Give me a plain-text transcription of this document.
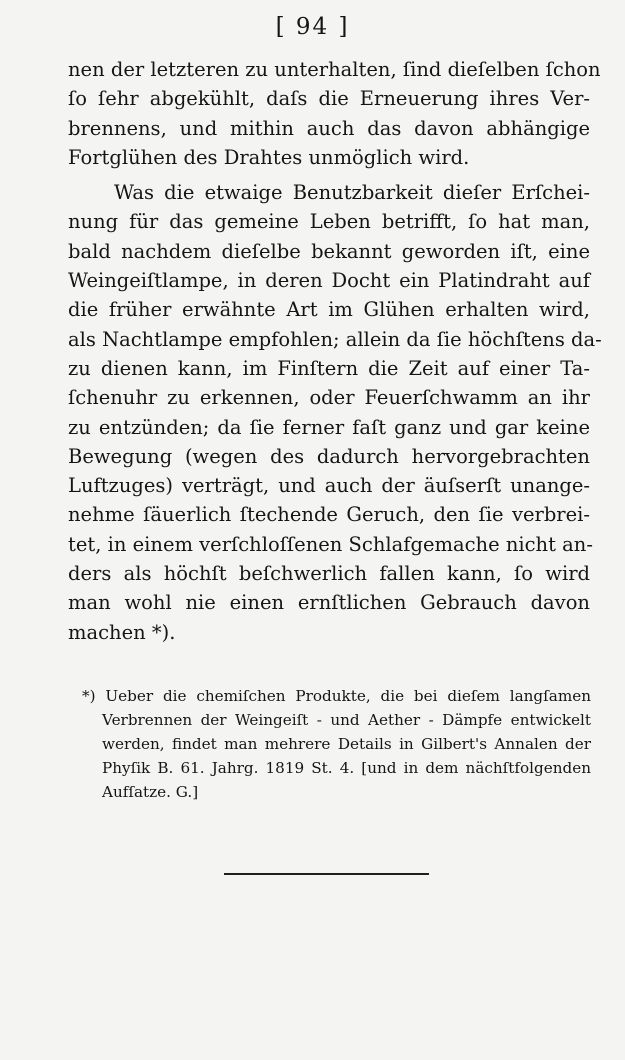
[ 94 ]
nen der letzteren zu unterhalten, ſind dieſelben ſchon
ſo ſehr abgekühlt, daſs die Erneuerung ihres Ver-
brennens, und mithin auch das davon abhängige
Fortglühen des Drahtes unmöglich wird.
Was die etwaige Benutzbarkeit dieſer Erſchei-
nung für das gemeine Leben betrifft, ſo hat man,
bald nachdem dieſelbe bekannt geworden iſt, eine
Weingeiſtlampe, in deren Docht ein Platindraht auf
die früher erwähnte Art im Glühen erhalten wird,
als Nachtlampe empfohlen; allein da ſie höchſtens da-
zu dienen kann, im Finſtern die Zeit auf einer Ta-
ſchenuhr zu erkennen, oder Feuerſchwamm an ihr
zu entzünden; da ſie ferner faſt ganz und gar keine
Bewegung (wegen des dadurch hervorgebrachten
Luftzuges) verträgt, und auch der äuſserſt unange-
nehme ſäuerlich ſtechende Geruch, den ſie verbrei-
tet, in einem verſchloſſenen Schlafgemache nicht an-
ders als höchſt beſchwerlich fallen kann, ſo wird
man wohl nie einen ernſtlichen Gebrauch davon
machen *).
*) Ueber die chemiſchen Produkte, die bei dieſem langſamen
Verbrennen der Weingeiſt - und Aether - Dämpfe entwickelt
werden, findet man mehrere Details in Gilbert's Annalen der
Phyſik B. 61. Jahrg. 1819 St. 4. [und in dem nächſtfolgenden
Aufſatze. G.]
